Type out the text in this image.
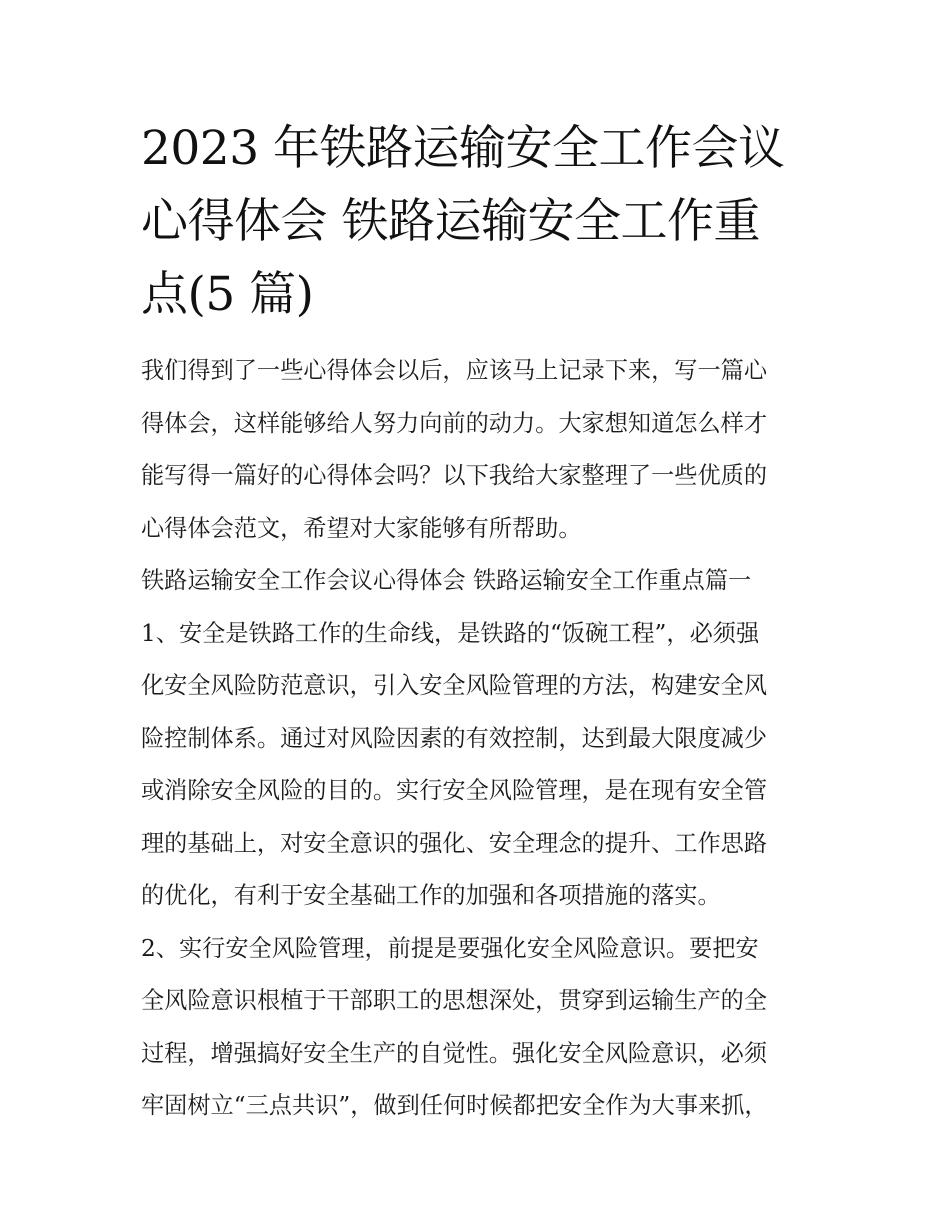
2023 年铁路运输安全工作会议
心得体会 铁路运输安全工作重
点(5 篇)

我们得到了一些心得体会以后，应该马上记录下来，写一篇心
得体会，这样能够给人努力向前的动力。大家想知道怎么样才
能写得一篇好的心得体会吗？以下我给大家整理了一些优质的
心得体会范文，希望对大家能够有所帮助。

铁路运输安全工作会议心得体会 铁路运输安全工作重点篇一

1、安全是铁路工作的生命线，是铁路的“饭碗工程”，必须强
化安全风险防范意识，引入安全风险管理的方法，构建安全风
险控制体系。通过对风险因素的有效控制，达到最大限度减少
或消除安全风险的目的。实行安全风险管理，是在现有安全管
理的基础上，对安全意识的强化、安全理念的提升、工作思路
的优化，有利于安全基础工作的加强和各项措施的落实。

2、实行安全风险管理，前提是要强化安全风险意识。要把安
全风险意识根植于干部职工的思想深处，贯穿到运输生产的全
过程，增强搞好安全生产的自觉性。强化安全风险意识，必须
牢固树立“三点共识”，做到任何时候都把安全作为大事来抓，
